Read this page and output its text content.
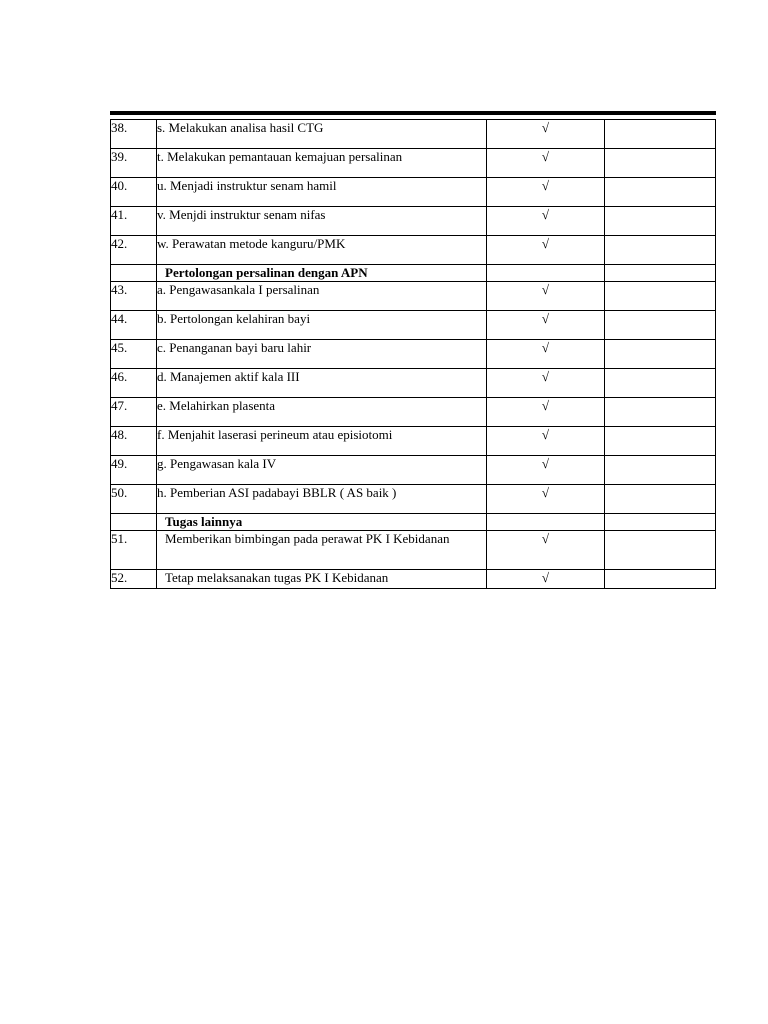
38.	s. Melakukan analisa hasil CTG	√	
39.	t. Melakukan pemantauan kemajuan persalinan	√	
40.	u. Menjadi instruktur senam hamil	√	
41.	v. Menjdi instruktur senam nifas	√	
42.	w. Perawatan metode kanguru/PMK	√	
	Pertolongan persalinan dengan APN		
43.	a. Pengawasankala I persalinan	√	
44.	b. Pertolongan kelahiran bayi	√	
45.	c. Penanganan bayi baru lahir	√	
46.	d. Manajemen aktif kala III	√	
47.	e. Melahirkan plasenta	√	
48.	f. Menjahit laserasi perineum atau episiotomi	√	
49.	g. Pengawasan kala IV	√	
50.	h. Pemberian ASI padabayi BBLR ( AS baik )	√	
	Tugas lainnya		
51.	Memberikan bimbingan pada perawat PK I Kebidanan	√	
52.	Tetap melaksanakan tugas PK I Kebidanan	√	
